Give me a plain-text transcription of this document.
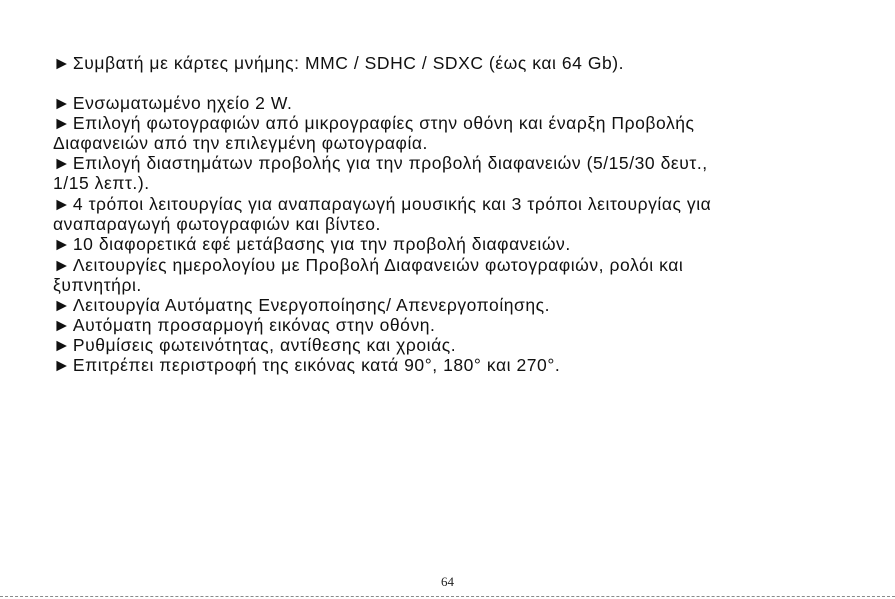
► Συμβατή με κάρτες μνήμης: MMC / SDHC / SDXC (έως και 64 Gb).
► Ενσωματωμένο ηχείο 2 W.
► Επιλογή φωτογραφιών από μικρογραφίες στην οθόνη και έναρξη Προβολής
Διαφανειών από την επιλεγμένη φωτογραφία.
► Επιλογή διαστημάτων προβολής για την προβολή διαφανειών (5/15/30 δευτ.,
1/15 λεπτ.).
► 4 τρόποι λειτουργίας για αναπαραγωγή μουσικής και 3 τρόποι λειτουργίας για
αναπαραγωγή φωτογραφιών και βίντεο.
► 10 διαφορετικά εφέ μετάβασης για την προβολή διαφανειών.
► Λειτουργίες ημερολογίου με Προβολή Διαφανειών φωτογραφιών, ρολόι και
ξυπνητήρι.
► Λειτουργία Αυτόματης Ενεργοποίησης/ Απενεργοποίησης.
► Αυτόματη προσαρμογή εικόνας στην οθόνη.
► Ρυθμίσεις φωτεινότητας, αντίθεσης και χροιάς.
► Επιτρέπει περιστροφή της εικόνας κατά 90°, 180° και 270°.
64
